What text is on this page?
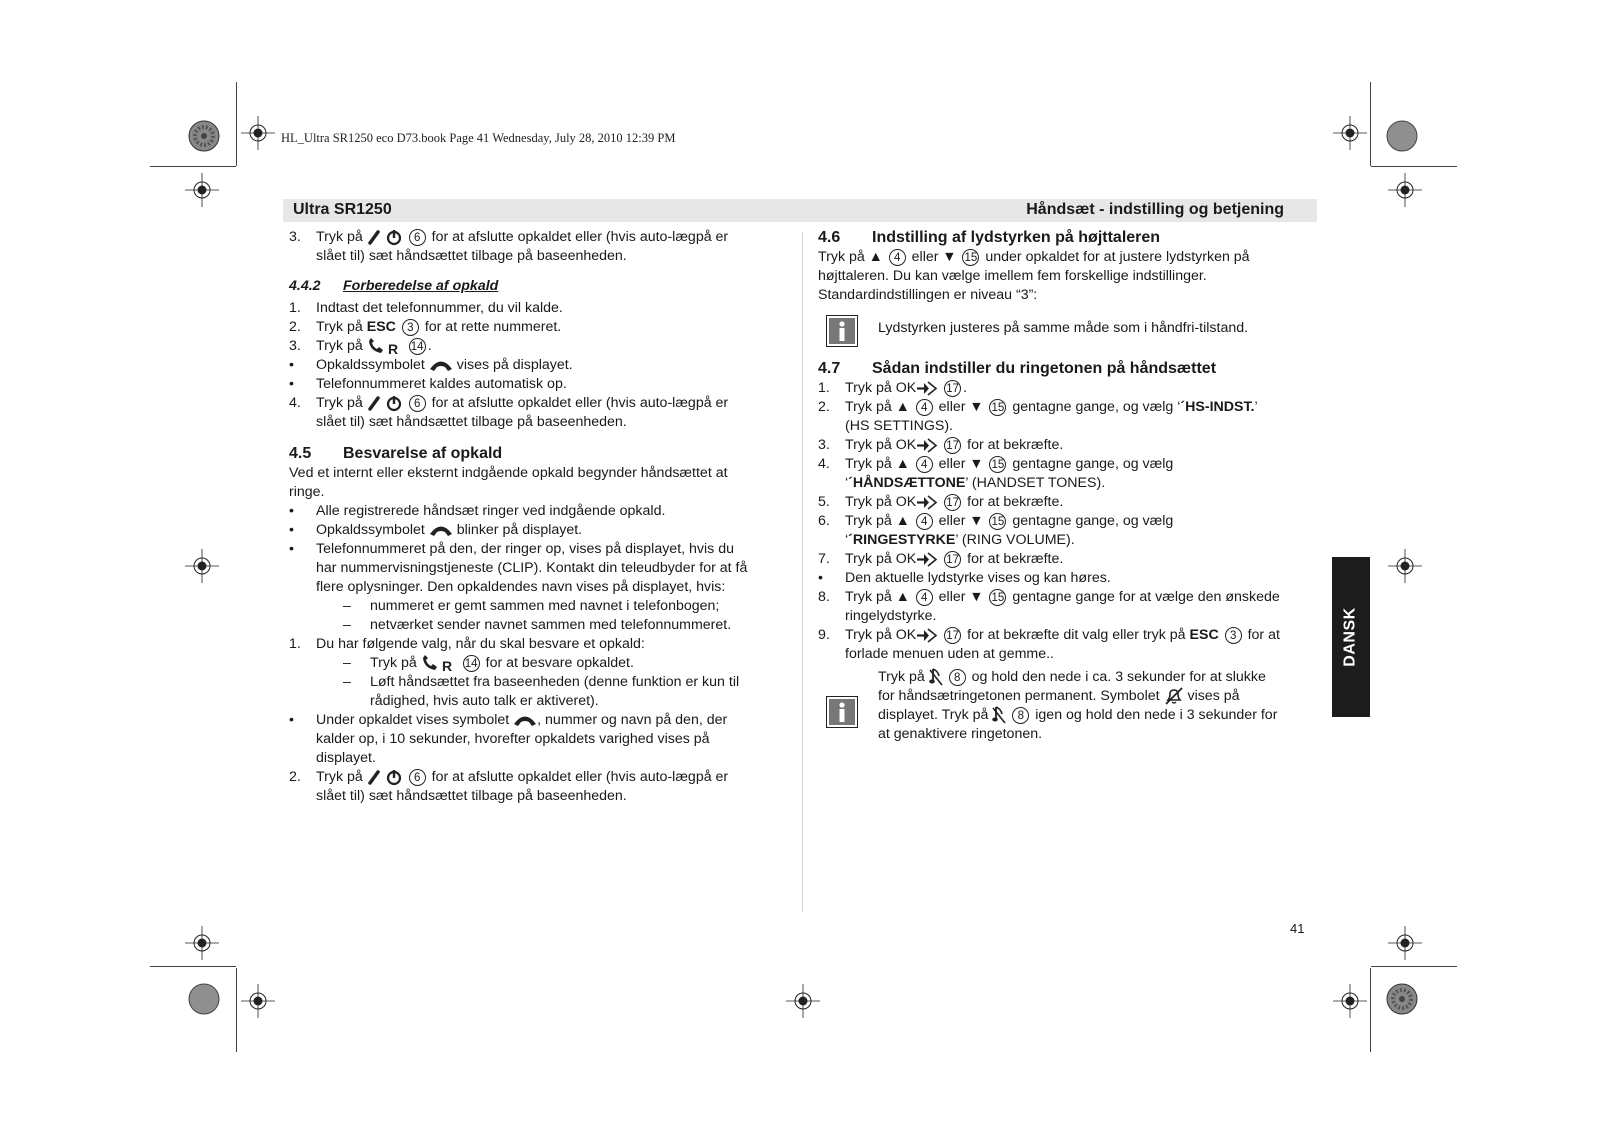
HL_Ultra SR1250 eco D73.book Page 41 Wednesday, July 28, 2010 12:39 PM
Ultra SR1250	Håndsæt - indstilling og betjening
3. Tryk på	6 for at afslutte opkaldet eller (hvis auto-lægpå er
slået til) sæt håndsættet tilbage på baseenheden.
4.4.2 Forberedelse af opkald
1. Indtast det telefonnummer, du vil kalde.
2. Tryk på ESC 3 for at rette nummeret.
3. Tryk på R 14 .
• Opkaldssymbolet vises på displayet.
• Telefonnummeret kaldes automatisk op.
4. Tryk på	6 for at afslutte opkaldet eller (hvis auto-lægpå er
slået til) sæt håndsættet tilbage på baseenheden.
4.5 Besvarelse af opkald
Ved et internt eller eksternt indgående opkald begynder håndsættet at
ringe.
• Alle registrerede håndsæt ringer ved indgående opkald.
• Opkaldssymbolet blinker på displayet.
• Telefonnummeret på den, der ringer op, vises på displayet, hvis du
har nummervisningstjeneste (CLIP). Kontakt din teleudbyder for at få
flere oplysninger. Den opkaldendes navn vises på displayet, hvis:
– nummeret er gemt sammen med navnet i telefonbogen;
– netværket sender navnet sammen med telefonnummeret.
1. Du har følgende valg, når du skal besvare et opkald:
– Tryk på R 14 for at besvare opkaldet.
– Løft håndsættet fra baseenheden (denne funktion er kun til
rådighed, hvis auto talk er aktiveret).
• Under opkaldet vises symbolet , nummer og navn på den, der
kalder op, i 10 sekunder, hvorefter opkaldets varighed vises på
displayet.
2. Tryk på	6 for at afslutte opkaldet eller (hvis auto-lægpå er
slået til) sæt håndsættet tilbage på baseenheden.
4.6 Indstilling af lydstyrken på højttaleren
Tryk på ▲ 4 eller ▼ 15 under opkaldet for at justere lydstyrken på
højttaleren. Du kan vælge imellem fem forskellige indstillinger.
Standardindstillingen er niveau “3”:
Lydstyrken justeres på samme måde som i håndfri-tilstand.
4.7 Sådan indstiller du ringetonen på håndsættet
1. Tryk på OK	17 .
2. Tryk på ▲ 4 eller ▼ 15 gentagne gange, og vælg ‘´HS-INDST.’
(HS SETTINGS).
3. Tryk på OK	17 for at bekræfte.
4. Tryk på ▲ 4 eller ▼ 15 gentagne gange, og vælg
‘´HÅNDSÆTTONE’ (HANDSET TONES).
5. Tryk på OK	17 for at bekræfte.
6. Tryk på ▲ 4 eller ▼ 15 gentagne gange, og vælg
‘´RINGESTYRKE’ (RING VOLUME).
7. Tryk på OK	17 for at bekræfte.
• Den aktuelle lydstyrke vises og kan høres.
8. Tryk på ▲ 4 eller ▼ 15 gentagne gange for at vælge den ønskede
ringelydstyrke.
9. Tryk på OK	17 for at bekræfte dit valg eller tryk på ESC 3 for at
forlade menuen uden at gemme..
Tryk på	8 og hold den nede i ca. 3 sekunder for at slukke
for håndsætringetonen permanent. Symbolet vises på
displayet. Tryk på	8 igen og hold den nede i 3 sekunder for
at genaktivere ringetonen.
DANSK
41
